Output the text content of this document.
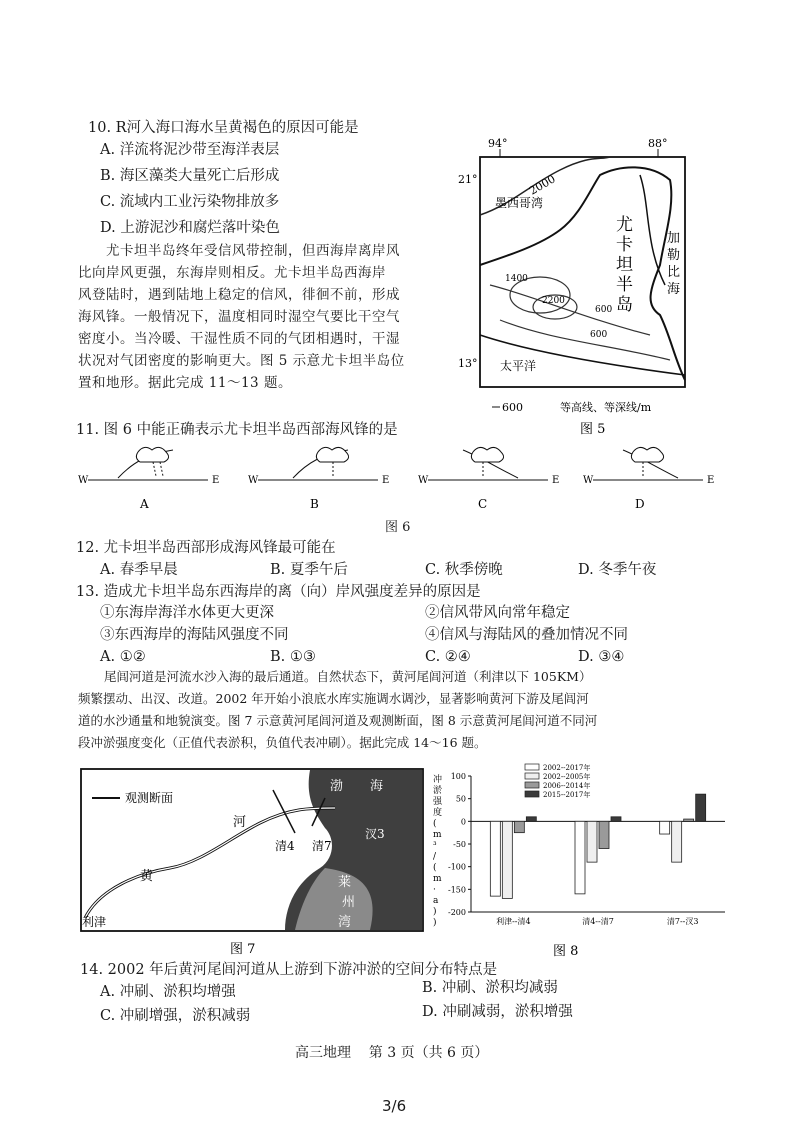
10. R河入海口海水呈黄褐色的原因可能是
A. 洋流将泥沙带至海洋表层
B. 海区藻类大量死亡后形成
C. 流域内工业污染物排放多
D. 上游泥沙和腐烂落叶染色
尤卡坦半岛终年受信风带控制，但西海岸离岸风
比向岸风更强，东海岸则相反。尤卡坦半岛西海岸
风登陆时，遇到陆地上稳定的信风，徘徊不前，形成
海风锋。一般情况下，温度相同时湿空气要比干空气
密度小。当冷暖、干湿性质不同的气团相遇时，干湿
状况对气团密度的影响更大。图 5 示意尤卡坦半岛位
置和地形。据此完成 11～13 题。
94°	88°
21°
13°
2000
墨西哥湾
尤
卡
坦
半
岛
加
勒
比
海
1400
2200
600
600
太平洋
600	等高线、等深线/m
图 5
11. 图 6 中能正确表示尤卡坦半岛西部海风锋的是
W	E
A
W	E
B
W	E
C
W	E
D
图 6
12. 尤卡坦半岛西部形成海风锋最可能在
A. 春季早晨	B. 夏季午后	C. 秋季傍晚	D. 冬季午夜
13. 造成尤卡坦半岛东西海岸的离（向）岸风强度差异的原因是
①东海岸海洋水体更大更深	②信风带风向常年稳定
③东西海岸的海陆风强度不同	④信风与海陆风的叠加情况不同
A. ①②	B. ①③	C. ②④	D. ③④
尾闾河道是河流水沙入海的最后通道。自然状态下，黄河尾闾河道（利津以下 105KM）
频繁摆动、出汊、改道。2002 年开始小浪底水库实施调水调沙，显著影响黄河下游及尾闾河
道的水沙通量和地貌演变。图 7 示意黄河尾闾河道及观测断面，图 8 示意黄河尾闾河道不同河
段冲淤强度变化（正值代表淤积，负值代表冲刷）。据此完成 14～16 题。
观测断面
渤 海
河
黄
清4 清7
汊3
利津
莱
州
湾
图 7
2002--2017年
2002--2005年
2006--2014年
2015--2017年
100
50
0
-50
-100
-150
-200
利津--清4	清4--清7	清7--汊3
冲
淤
强
度
(
m
³
/
(
m
·
a
)
)
图 8
14. 2002 年后黄河尾闾河道从上游到下游冲淤的空间分布特点是
A. 冲刷、淤积均增强	B. 冲刷、淤积均减弱
C. 冲刷增强，淤积减弱	D. 冲刷减弱，淤积增强
高三地理    第 3 页（共 6 页）
3/6
